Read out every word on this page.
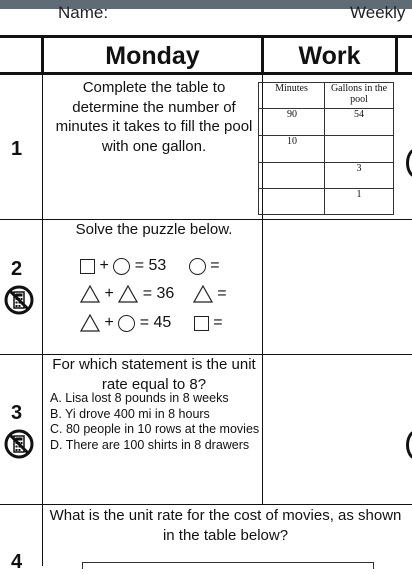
Name:	Weekly
Monday	Work
1
Complete the table to determine the number of minutes it takes to fill the pool with one gallon.
Minutes	Gallons in the pool
90	54
10	
	3
	1
2
Solve the puzzle below.
+ = 53	=
+ = 36	=
+ = 45	=
3
For which statement is the unit rate equal to 8?
A. Lisa lost 8 pounds in 8 weeks
B. Yi drove 400 mi in 8 hours
C. 80 people in 10 rows at the movies
D. There are 100 shirts in 8 drawers
4
What is the unit rate for the cost of movies, as shown in the table below?
